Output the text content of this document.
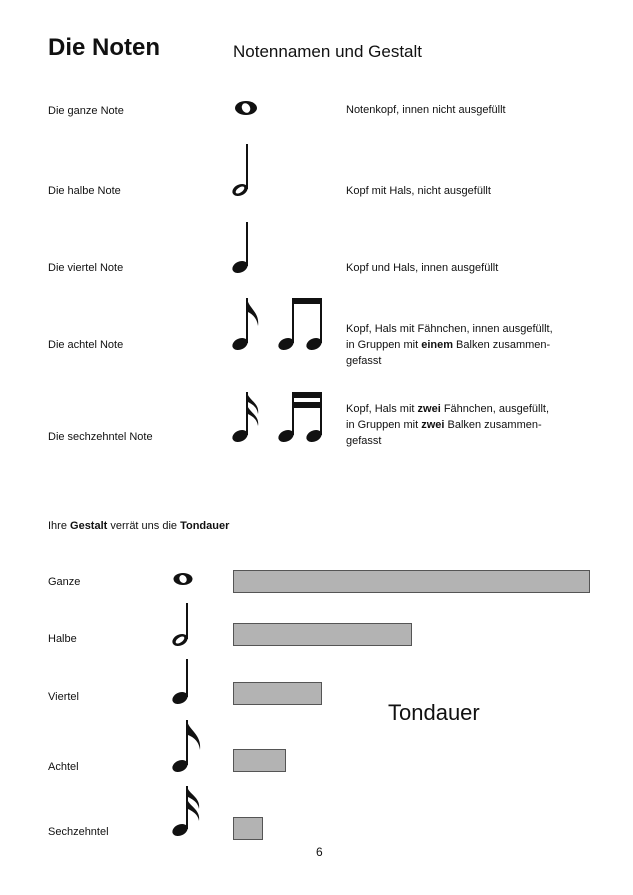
Die Noten	Notennamen und Gestalt
Die ganze Note
Die halbe Note
Die viertel Note
Die achtel Note
Die sechzehntel Note
Notenkopf, innen nicht ausgefüllt
Kopf mit Hals, nicht ausgefüllt
Kopf und Hals, innen ausgefüllt
Kopf, Hals mit Fähnchen, innen ausgefüllt,
in Gruppen mit einem Balken zusammen-
gefasst
Kopf, Hals mit zwei Fähnchen, ausgefüllt,
in Gruppen mit zwei Balken zusammen-
gefasst
Ihre Gestalt verrät uns die Tondauer
Ganze
Halbe
Viertel
Achtel
Sechzehntel
Tondauer
6
